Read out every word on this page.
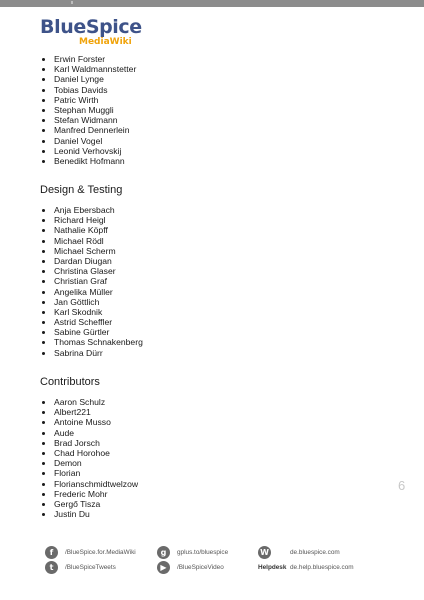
BlueSpice
MediaWiki
Erwin Forster
Karl Waldmannstetter
Daniel Lynge
Tobias Davids
Patric Wirth
Stephan Muggli
Stefan Widmann
Manfred Dennerlein
Daniel Vogel
Leonid Verhovskij
Benedikt Hofmann
Design & Testing
Anja Ebersbach
Richard Heigl
Nathalie Köpff
Michael Rödl
Michael Scherm
Dardan Diugan
Christina Glaser
Christian Graf
Angelika Müller
Jan Göttlich
Karl Skodnik
Astrid Scheffler
Sabine Gürtler
Thomas Schnakenberg
Sabrina Dürr
Contributors
Aaron Schulz
Albert221
Antoine Musso
Aude
Brad Jorsch
Chad Horohoe
Demon
Florian
Florianschmidtwelzow
Frederic Mohr
Gergő Tisza
Justin Du
6
f	/BlueSpice.for.MediaWiki
t	/BlueSpiceTweets
g	gplus.to/bluespice
▶	/BlueSpiceVideo
W	de.bluespice.com
Helpdesk de.help.bluespice.com
